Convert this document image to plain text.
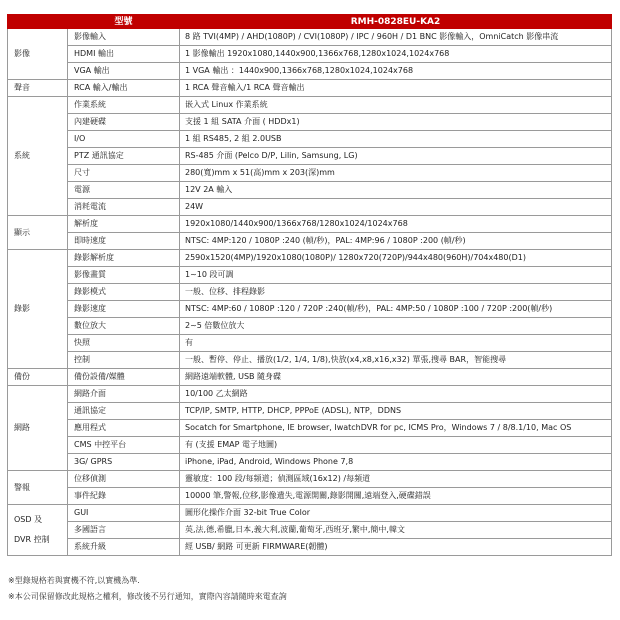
	型號	RMH-0828EU-KA2

影像	影像輸入	8 路 TVI(4MP) / AHD(1080P) / CVI(1080P) / IPC / 960H / D1 BNC 影像輸入，OmniCatch 影像串流
	HDMI 輸出	1 影像輸出 1920x1080,1440x900,1366x768,1280x1024,1024x768
	VGA 輸出	1 VGA 輸出 ：1440x900,1366x768,1280x1024,1024x768

聲音	RCA 輸入/輸出	1 RCA 聲音輸入/1 RCA 聲音輸出

系統	作業系統	嵌入式 Linux 作業系統
	內建硬碟	支援 1 組 SATA 介面 ( HDDx1)
	I/O	1 組 RS485, 2 組 2.0USB
	PTZ 通訊協定	RS-485 介面 (Pelco D/P, Lilin, Samsung, LG)
	尺寸	280(寬)mm x 51(高)mm x 203(深)mm
	電源	12V 2A 輸入
	消耗電流	24W

顯示	解析度	1920x1080/1440x900/1366x768/1280x1024/1024x768
	即時速度	NTSC: 4MP:120 / 1080P :240 (幀/秒)，PAL: 4MP:96 / 1080P :200 (幀/秒)

錄影	錄影解析度	2590x1520(4MP)/1920x1080(1080P)/ 1280x720(720P)/944x480(960H)/704x480(D1)
	影像畫質	1~10 段可調
	錄影模式	一般、位移、排程錄影
	錄影速度	NTSC: 4MP:60 / 1080P :120 / 720P :240(幀/秒)，PAL: 4MP:50 / 1080P :100 / 720P :200(幀/秒)
	數位放大	2~5 倍數位放大
	快照	有
	控制	一般、暫停、停止、播放(1/2, 1/4, 1/8),快放(x4,x8,x16,x32) 單張,搜尋 BAR，智能搜尋

備份	備份設備/媒體	網路遠端軟體, USB 隨身碟

網路	網路介面	10/100 乙太網路
	通訊協定	TCP/IP, SMTP, HTTP, DHCP, PPPoE (ADSL), NTP，DDNS
	應用程式	Socatch for Smartphone, IE browser, IwatchDVR for pc, ICMS Pro，Windows 7 / 8/8.1/10, Mac OS
	CMS 中控平台	有 (支援 EMAP 電子地圖)
	3G/ GPRS	iPhone, iPad, Android, Windows Phone 7,8

警報	位移偵測	靈敏度：100 段/每頻道；偵測區域(16x12) /每頻道
	事件紀錄	10000 筆,警報,位移,影像遺失,電源開關,錄影開關,遠端登入,硬碟錯誤

OSD 及
DVR 控制	GUI	圖形化操作介面 32-bit True Color
	多國語言	英,法,德,希臘,日本,義大利,波蘭,葡萄牙,西班牙,繁中,簡中,韓文
	系統升級	經 USB/ 網路 可更新 FIRMWARE(韌體)
※型錄規格若與實機不符,以實機為準.
※本公司保留修改此規格之權利，修改後不另行通知，實際內容請隨時來電查詢
